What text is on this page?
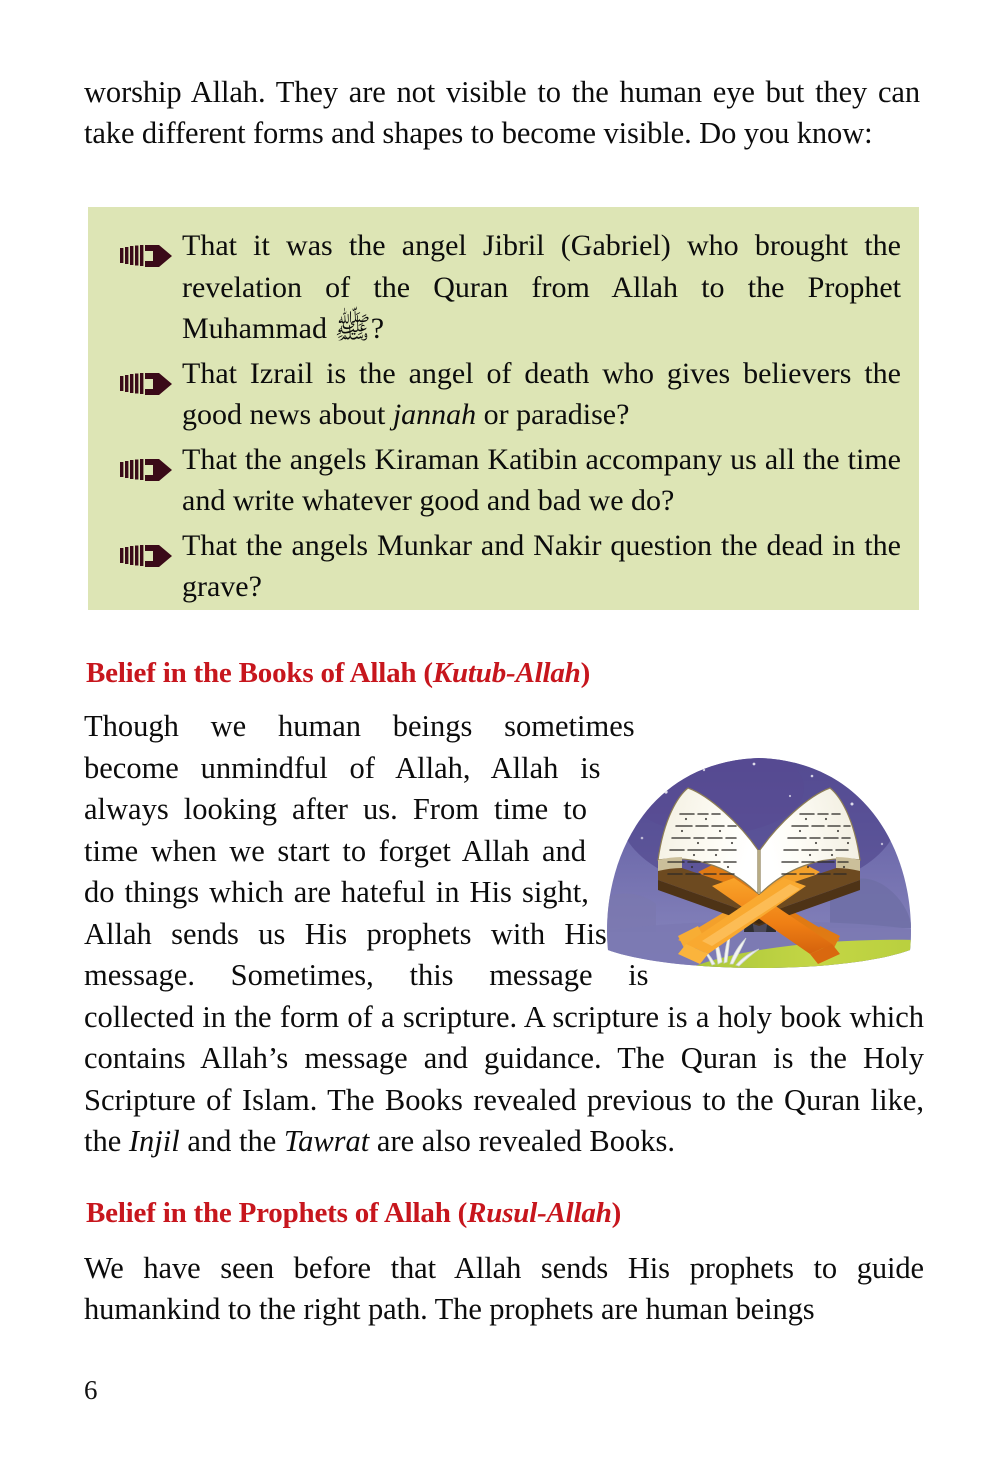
worship Allah. They are not visible to the human eye but they can take different forms and shapes to become visible. Do you know:

That it was the angel Jibril (Gabriel) who brought the revelation of the Quran from Allah to the Prophet Muhammad ﷺ?
That Izrail is the angel of death who gives believers the good news about jannah or paradise?
That the angels Kiraman Katibin accompany us all the time and write whatever good and bad we do?
That the angels Munkar and Nakir question the dead in the grave?
Belief in the Books of Allah (Kutub-Allah)

Though we human beings sometimes become unmindful of Allah, Allah is always looking after us. From time to time when we start to forget Allah and do things which are hateful in His sight, Allah sends us His prophets with His message. Sometimes, this message is collected in the form of a scripture. A scripture is a holy book which contains Allah’s message and guidance. The Quran is the Holy Scripture of Islam. The Books revealed previous to the Quran like, the Injil and the Tawrat are also revealed Books.

Belief in the Prophets of Allah (Rusul-Allah)

We have seen before that Allah sends His prophets to guide humankind to the right path. The prophets are human beings

6
